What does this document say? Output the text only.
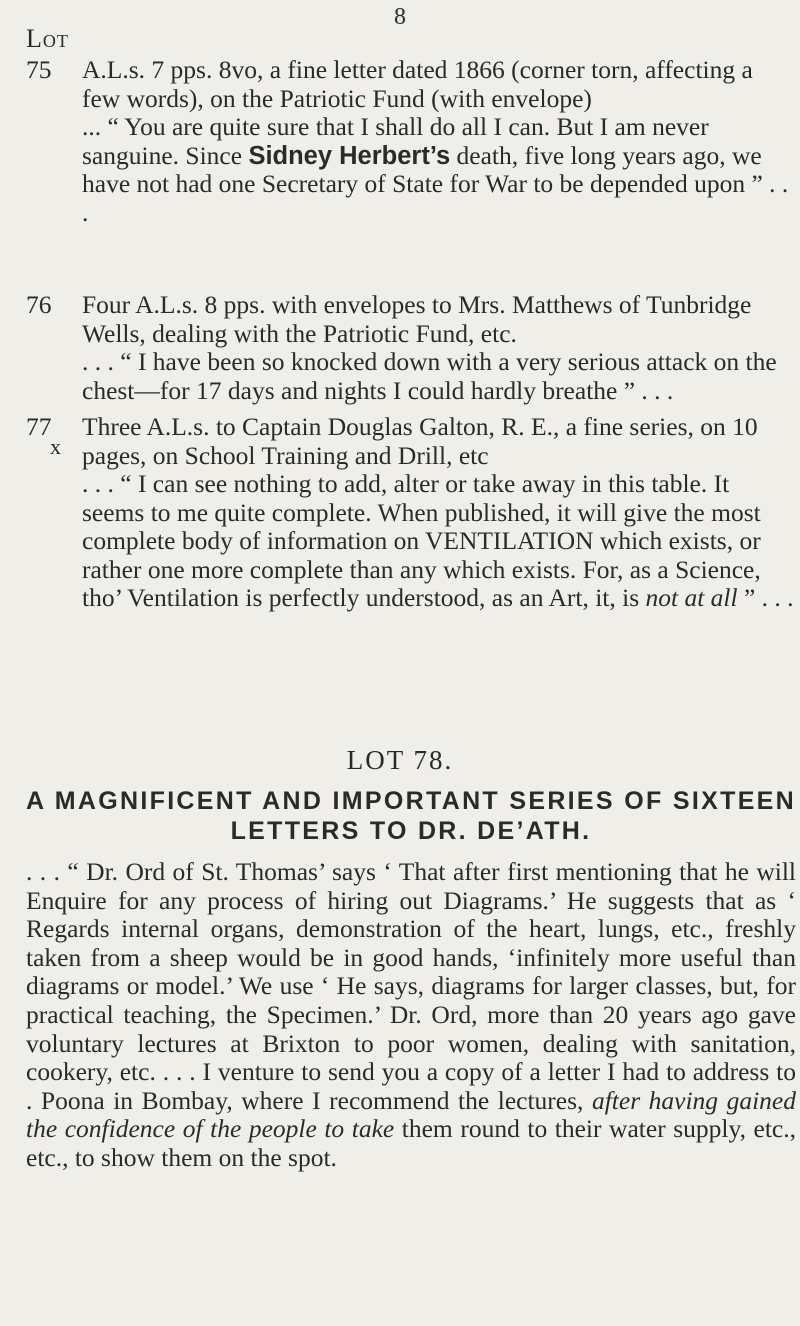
8
Lot
75	A.L.s. 7 pps. 8vo, a fine letter dated 1866 (corner torn, affecting a few words), on the Patriotic Fund (with envelope)

... “ You are quite sure that I shall do all I can. But I am never sanguine. Since Sidney Herbert’s death, five long years ago, we have not had one Secretary of State for War to be depended upon ” . . .

76	Four A.L.s. 8 pps. with envelopes to Mrs. Matthews of Tunbridge Wells, dealing with the Patriotic Fund, etc.

. . . “ I have been so knocked down with a very serious attack on the chest—for 17 days and nights I could hardly breathe ” . . .

77
x

Three A.L.s. to Captain Douglas Galton, R. E., a fine series, on 10 pages, on School Training and Drill, etc

. . . “ I can see nothing to add, alter or take away in this table. It seems to me quite complete. When published, it will give the most complete body of information on VENTILATION which exists, or rather one more complete than any which exists. For, as a Science, tho’ Ventilation is perfectly understood, as an Art, it, is not at all ” . . .

LOT 78.
A MAGNIFICENT AND IMPORTANT SERIES OF SIXTEEN
LETTERS TO DR. DE’ATH.

. . . “ Dr. Ord of St. Thomas’ says ‘ That after first mentioning that he will Enquire for any process of hiring out Diagrams.’ He suggests that as ‘ Regards internal organs, demonstration of the heart, lungs, etc., freshly taken from a sheep would be in good hands, ‘infinitely more useful than diagrams or model.’ We use ‘ He says, diagrams for larger classes, but, for practical teaching, the Specimen.’ Dr. Ord, more than 20 years ago gave voluntary lectures at Brixton to poor women, dealing with sanitation, cookery, etc. . . . I venture to send you a copy of a letter I had to address to . Poona in Bombay, where I recommend the lectures, after having gained the confidence of the people to take them round to their water supply, etc., etc., to show them on the spot.
